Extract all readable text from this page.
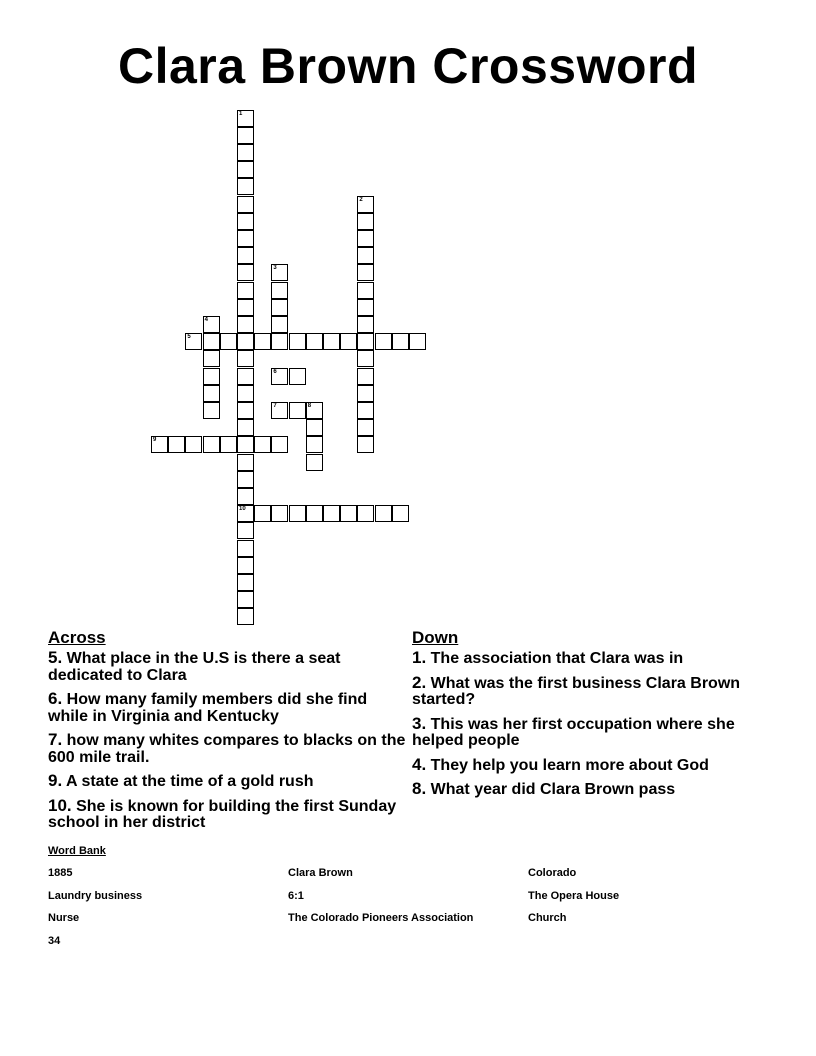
Clara Brown Crossword
1
10
2
3
4
5
6
7	8
9
Across
5. What place in the U.S is there a seat dedicated to Clara
6. How many family members did she find while in Virginia and Kentucky
7. how many whites compares to blacks on the 600 mile trail.
9. A state at the time of a gold rush
10. She is known for building the first Sunday school in her district
Down
1. The association that Clara was in
2. What was the first business Clara Brown started?
3. This was her first occupation where she helped people
4. They help you learn more about God
8. What year did Clara Brown pass
Word Bank
1885	Clara Brown	Colorado
Laundry business	6:1	The Opera House
Nurse	The Colorado Pioneers Association	Church
34
